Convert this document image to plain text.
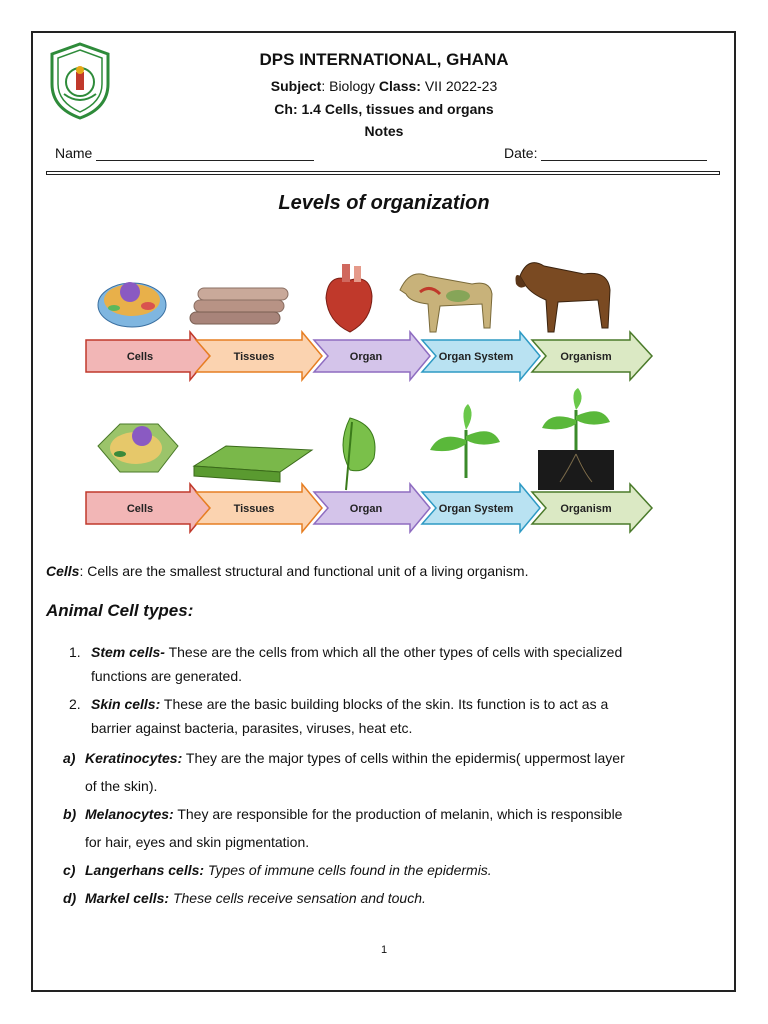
DPS INTERNATIONAL, GHANA
Subject: Biology Class: VII 2022-23
Ch: 1.4 Cells, tissues and organs
Notes
Name	Date:
Levels of organization
Cells	Tissues	Organ	Organ System	Organism
Cells	Tissues	Organ	Organ System	Organism
Cells: Cells are the smallest structural and functional unit of a living organism.
Animal Cell types:
1. Stem cells- These are the cells from which all the other types of cells with specialized
functions are generated.
2. Skin cells: These are the basic building blocks of the skin. Its function is to act as a
barrier against bacteria, parasites, viruses, heat etc.
a) Keratinocytes: They are the major types of cells within the epidermis( uppermost layer
of the skin).
b) Melanocytes: They are responsible for the production of melanin, which is responsible
for hair, eyes and skin pigmentation.
c) Langerhans cells: Types of immune cells found in the epidermis.
d) Markel cells: These cells receive sensation and touch.
1
